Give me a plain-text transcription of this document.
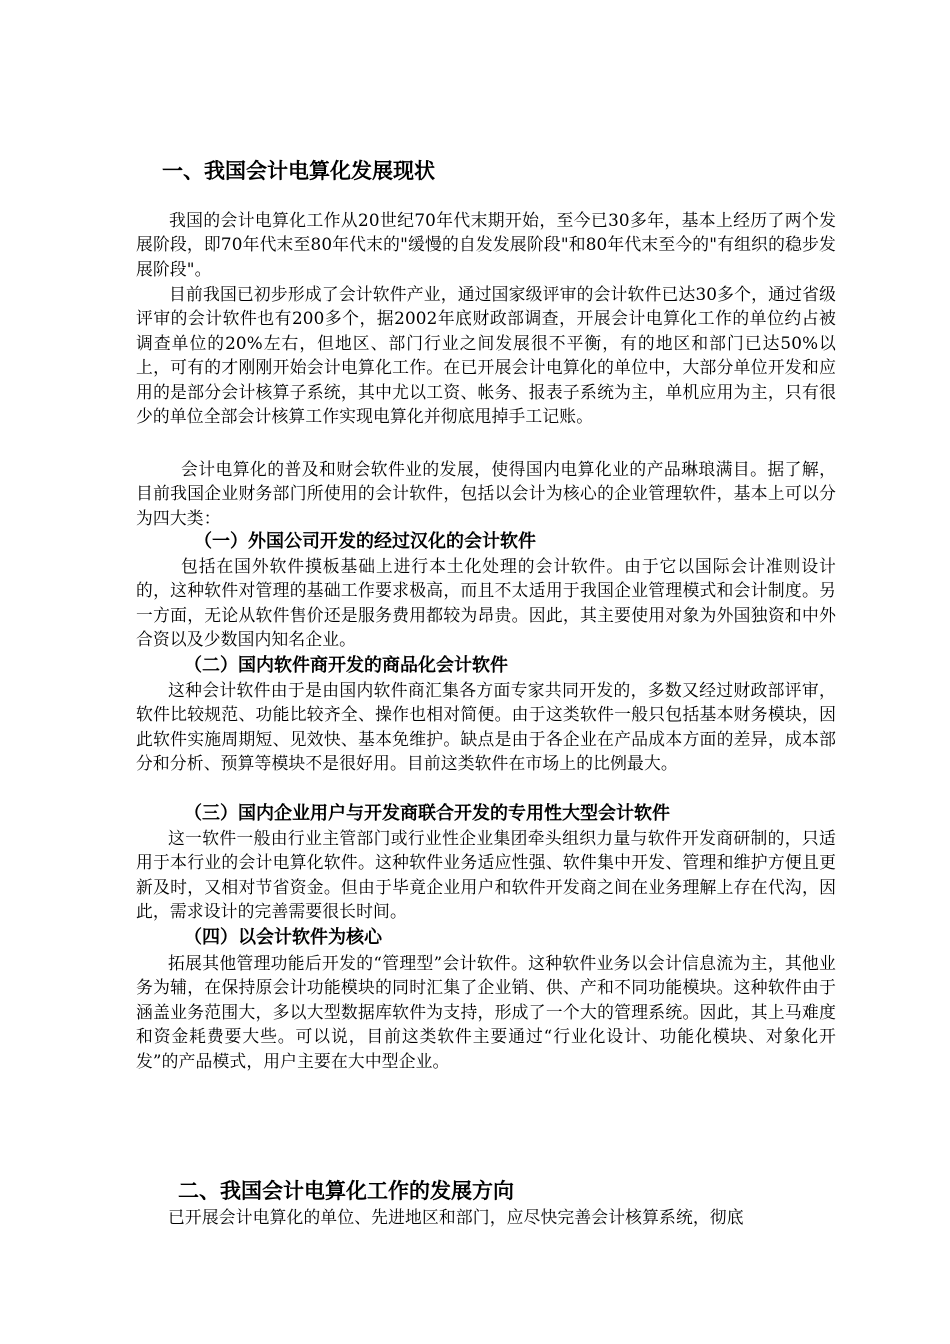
一、我国会计电算化发展现状

我国的会计电算化工作从20世纪70年代末期开始，至今已30多年，基本上经历了两个发展阶段，即70年代末至80年代末的"缓慢的自发发展阶段"和80年代末至今的"有组织的稳步发展阶段"。

目前我国已初步形成了会计软件产业，通过国家级评审的会计软件已达30多个，通过省级评审的会计软件也有200多个，据2002年底财政部调查，开展会计电算化工作的单位约占被调查单位的20%左右，但地区、部门行业之间发展很不平衡，有的地区和部门已达50%以上，可有的才刚刚开始会计电算化工作。在已开展会计电算化的单位中，大部分单位开发和应用的是部分会计核算子系统，其中尤以工资、帐务、报表子系统为主，单机应用为主，只有很少的单位全部会计核算工作实现电算化并彻底甩掉手工记账。

会计电算化的普及和财会软件业的发展，使得国内电算化业的产品琳琅满目。据了解，目前我国企业财务部门所使用的会计软件，包括以会计为核心的企业管理软件，基本上可以分为四大类：

（一）外国公司开发的经过汉化的会计软件

包括在国外软件摸板基础上进行本土化处理的会计软件。由于它以国际会计准则设计的，这种软件对管理的基础工作要求极高，而且不太适用于我国企业管理模式和会计制度。另一方面，无论从软件售价还是服务费用都较为昂贵。因此，其主要使用对象为外国独资和中外合资以及少数国内知名企业。

（二）国内软件商开发的商品化会计软件

这种会计软件由于是由国内软件商汇集各方面专家共同开发的，多数又经过财政部评审，软件比较规范、功能比较齐全、操作也相对简便。由于这类软件一般只包括基本财务模块，因此软件实施周期短、见效快、基本免维护。缺点是由于各企业在产品成本方面的差异，成本部分和分析、预算等模块不是很好用。目前这类软件在市场上的比例最大。

（三）国内企业用户与开发商联合开发的专用性大型会计软件

这一软件一般由行业主管部门或行业性企业集团牵头组织力量与软件开发商研制的，只适用于本行业的会计电算化软件。这种软件业务适应性强、软件集中开发、管理和维护方便且更新及时，又相对节省资金。但由于毕竟企业用户和软件开发商之间在业务理解上存在代沟，因此，需求设计的完善需要很长时间。

（四）以会计软件为核心

拓展其他管理功能后开发的“管理型”会计软件。这种软件业务以会计信息流为主，其他业务为辅，在保持原会计功能模块的同时汇集了企业销、供、产和不同功能模块。这种软件由于涵盖业务范围大，多以大型数据库软件为支持，形成了一个大的管理系统。因此，其上马难度和资金耗费要大些。可以说，目前这类软件主要通过“行业化设计、功能化模块、对象化开发”的产品模式，用户主要在大中型企业。

二、我国会计电算化工作的发展方向

已开展会计电算化的单位、先进地区和部门，应尽快完善会计核算系统，彻底
